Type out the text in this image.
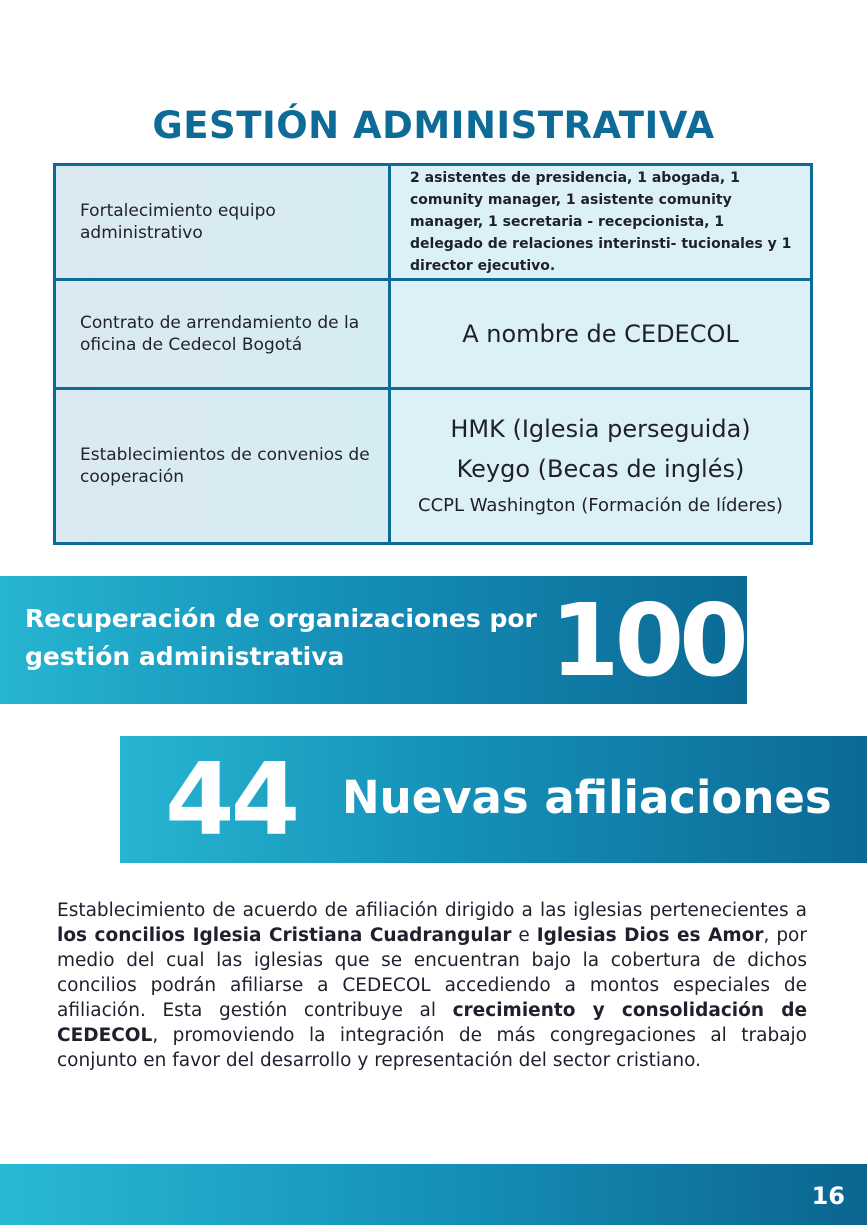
GESTIÓN ADMINISTRATIVA
Fortalecimiento equipo administrativo	2 asistentes de presidencia, 1 abogada, 1 comunity manager, 1 asistente comunity manager, 1 secretaria - recepcionista, 1 delegado de relaciones interinsti- tucionales y 1 director ejecutivo.

Contrato de arrendamiento de la oficina de Cedecol Bogotá	A nombre de CEDECOL

Establecimientos de convenios de cooperación	HMK (Iglesia perseguida)
Keygo (Becas de inglés)
CCPL Washington (Formación de líderes)
Recuperación de organizaciones por gestión administrativa	100
44	Nuevas afiliaciones

Establecimiento de acuerdo de afiliación dirigido a las iglesias pertenecientes a los concilios Iglesia Cristiana Cuadrangular e Iglesias Dios es Amor, por medio del cual las iglesias que se encuentran bajo la cobertura de dichos concilios podrán afiliarse a CEDECOL accediendo a montos especiales de afiliación. Esta gestión contribuye al crecimiento y consolidación de CEDECOL, promoviendo la integración de más congregaciones al trabajo conjunto en favor del desarrollo y representación del sector cristiano.

16
